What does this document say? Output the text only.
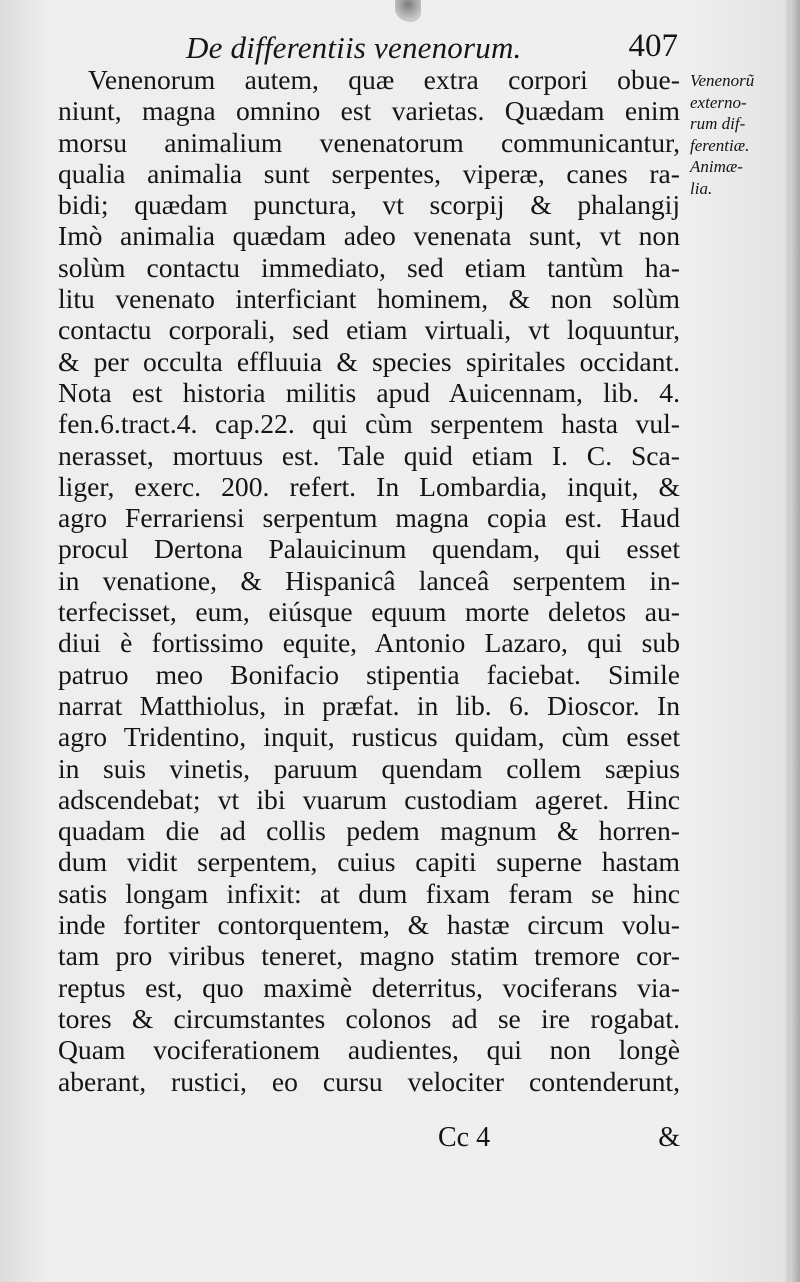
De differentiis venenorum.	407
Venenorum autem, quæ extra corpori obue-
niunt, magna omnino est varietas. Quædam enim
morsu animalium venenatorum communicantur,
qualia animalia sunt serpentes, viperæ, canes ra-
bidi; quædam punctura, vt scorpij & phalangij
Imò animalia quædam adeo venenata sunt, vt non
solùm contactu immediato, sed etiam tantùm ha-
litu venenato interficiant hominem, & non solùm
contactu corporali, sed etiam virtuali, vt loquuntur,
& per occulta effluuia & species spiritales occidant.
Nota est historia militis apud Auicennam, lib. 4.
fen.6.tract.4. cap.22. qui cùm serpentem hasta vul-
nerasset, mortuus est. Tale quid etiam I. C. Sca-
liger, exerc. 200. refert. In Lombardia, inquit, &
agro Ferrariensi serpentum magna copia est. Haud
procul Dertona Palauicinum quendam, qui esset
in venatione, & Hispanicâ lanceâ serpentem in-
terfecisset, eum, eiúsque equum morte deletos au-
diui è fortissimo equite, Antonio Lazaro, qui sub
patruo meo Bonifacio stipentia faciebat. Simile
narrat Matthiolus, in præfat. in lib. 6. Dioscor. In
agro Tridentino, inquit, rusticus quidam, cùm esset
in suis vinetis, paruum quendam collem sæpius
adscendebat; vt ibi vuarum custodiam ageret. Hinc
quadam die ad collis pedem magnum & horren-
dum vidit serpentem, cuius capiti superne hastam
satis longam infixit: at dum fixam feram se hinc
inde fortiter contorquentem, & hastæ circum volu-
tam pro viribus teneret, magno statim tremore cor-
reptus est, quo maximè deterritus, vociferans via-
tores & circumstantes colonos ad se ire rogabat.
Quam vociferationem audientes, qui non longè
aberant, rustici, eo cursu velociter contenderunt,
Venenorũ
externo-
rum dif-
ferentiæ.
Animæ-
lia.
Cc 4	&
